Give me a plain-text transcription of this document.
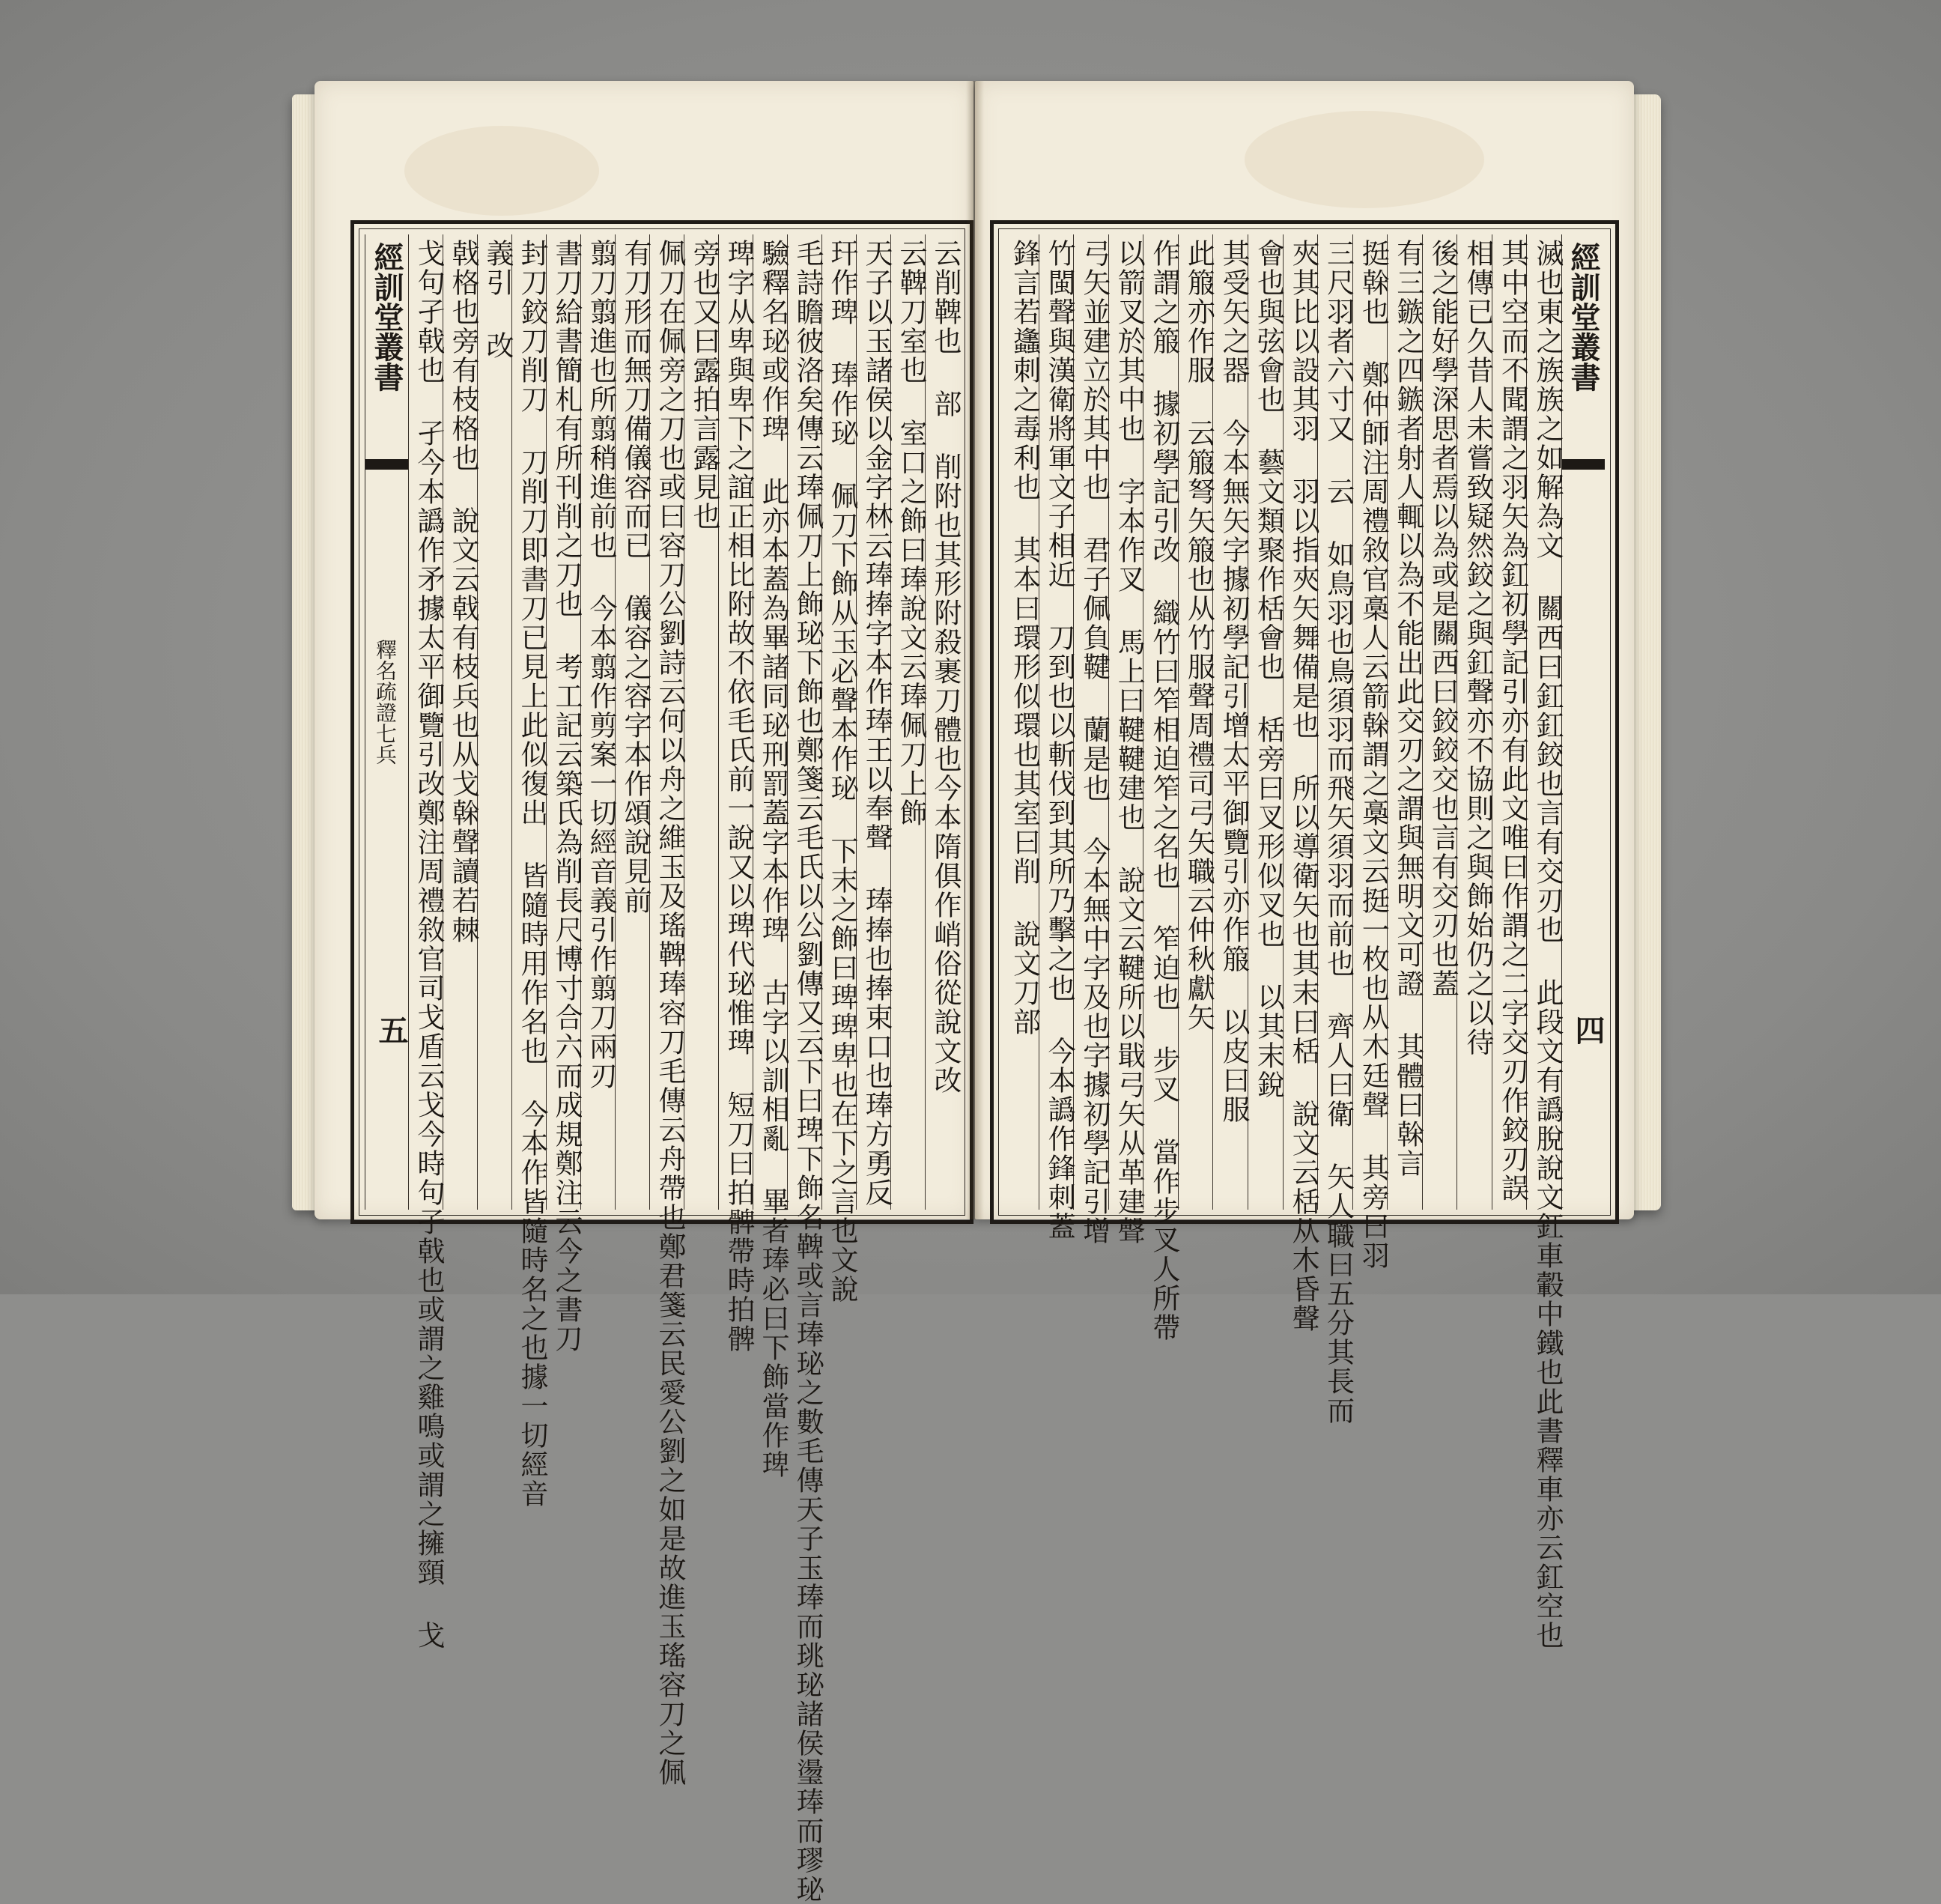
云削鞞也 部 削附也其形附殺裹刀體也今本隋俱作峭俗從說文改
云鞞刀室也 室口之飾曰琫說文云琫佩刀上飾
天子以玉諸侯以金字林云琫捧字本作琫王以奉聲 琫捧也捧束口也琫方勇反
玕作琕 琫作珌 佩刀下飾从玉必聲本作珌 下末之飾曰琕琕卑也在下之言也文說
毛詩瞻彼洛矣傳云琫佩刀上飾珌下飾也鄭箋云毛氏以公劉傳又云下曰琕下飾名鞞或言琫珌之數毛傳天子玉琫而珧珌諸侯璗琫而璆珌
驗釋名珌或作琕 此亦本蓋為畢諸同珌刑罰蓋字本作琕 古字以訓相亂 畢者琫必曰下飾當作琕
琕字从卑與卑下之誼正相比附故不依毛氏前一說又以琕代珌惟琕 短刀曰拍髀帶時拍髀
旁也又曰露拍言露見也
佩刀在佩旁之刀也或曰容刀公劉詩云何以舟之維玉及瑤鞞琫容刀毛傳云舟帶也鄭君箋云民愛公劉之如是故進玉瑤容刀之佩
有刀形而無刀備儀容而已 儀容之容字本作頌說見前
翦刀翦進也所翦稍進前也 今本翦作剪案一切經音義引作翦刀兩刃
書刀給書簡札有所刊削之刀也 考工記云築氏為削長尺博寸合六而成規鄭注云今之書刀
封刀鉸刀削刀 刀削刀即書刀已見上此似復出 皆隨時用作名也 今本作皆隨時名之也據一切經音
義引 改
戟格也旁有枝格也 說文云戟有枝兵也从戈榦聲讀若棘
戈句孑戟也 孑今本譌作矛據太平御覽引改鄭注周禮敘官司戈盾云戈今時句孑戟也或謂之雞鳴或謂之擁頸 戈
經訓堂叢書
釋名疏證七兵
五
經訓堂叢書
四
滅也東之族族之如解為文 關西曰釭釭鉸也言有交刃也 此段文有譌脫說文釭車轂中鐵也此書釋車亦云釭空也
其中空而不聞謂之羽矢為釭初學記引亦有此文唯曰作謂之二字交刃作鉸刃誤
相傳已久昔人未嘗致疑然鉸之與釭聲亦不協則之與飾始仍之以待
後之能好學深思者焉以為或是關西曰鉸鉸交也言有交刃也蓋
有三鏃之四鏃者射人輒以為不能出此交刃之謂與無明文可證 其體曰榦言
挺榦也 鄭仲師注周禮敘官槀人云箭榦謂之槀文云挺一枚也从木廷聲 其旁曰羽
三尺羽者六寸又 云 如鳥羽也鳥須羽而飛矢須羽而前也 齊人曰衛 矢人職曰五分其長而
夾其比以設其羽 羽以指夾矢舞備是也 所以導衛矢也其末曰栝 說文云栝从木昏聲
會也與弦會也 藝文類聚作栝會也 栝旁曰叉形似叉也 以其末銳
其受矢之器 今本無矢字據初學記引增太平御覽引亦作箙 以皮曰服
此箙亦作服 云箙弩矢箙也从竹服聲周禮司弓矢職云仲秋獻矢
作謂之箙 據初學記引改 織竹曰笮相迫笮之名也 笮迫也 步叉 當作步叉人所帶
以箭叉於其中也 字本作叉 馬上曰鞬鞬建也 說文云鞬所以戢弓矢从革建聲
弓矢並建立於其中也 君子佩負鞬 蘭是也 今本無中字及也字據初學記引增
竹閩聲與漢衛將軍文子相近 刀到也以斬伐到其所乃擊之也 今本譌作鋒刺蓋
鋒言若蠭刺之毒利也 其本曰環形似環也其室曰削 說文刀部
